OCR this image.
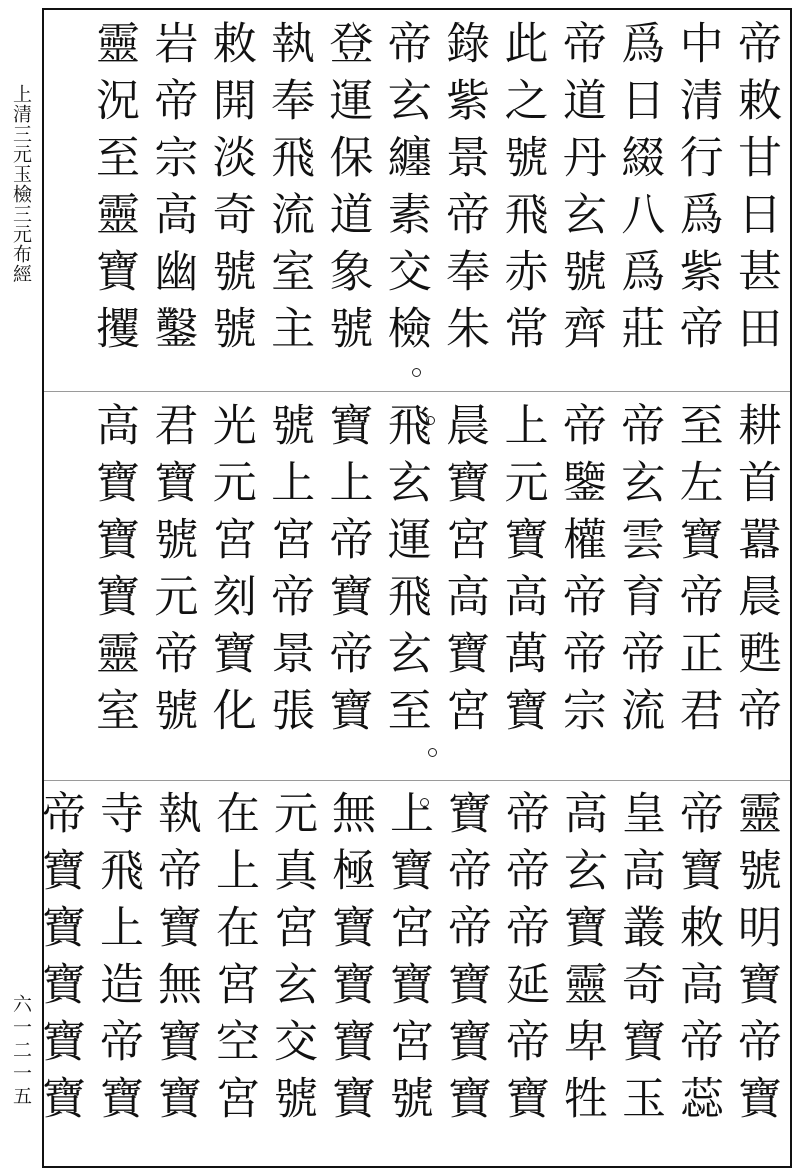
上清三元玉檢三元布經
六一二一五
帝敕甘日甚田
中清行爲紫帝
爲日綴八爲莊
帝道丹玄號齊
此之號飛赤常
錄紫景帝奉朱
帝玄纏素交檢
登運保道象號
執奉飛流室主
敕開淡奇號號
岩帝宗高幽鑿
靈況至靈寶攫
耕首囂晨甦帝
至左寶帝正君
帝玄雲育帝流
帝鑒權帝帝宗
上元寶高萬寶
晨寶宮高寶宮
飛玄運飛玄至
寶上帝寶帝寶
號上宮帝景張
光元宮刻寶化
君寶號元帝號
高寶寶寶靈室
靈號明寶帝寶
帝寶敕高帝蕊
皇高叢奇寶玉
高玄寶靈卑牲
帝帝帝延帝寶
寶帝帝寶寶寶
上寶宮寶宮號
無極寶寶寶寶
元真宮玄交號
在上在宮空宮
執帝寶無寶寶
寺飛上造帝寶
帝寶寶寶寶寶
